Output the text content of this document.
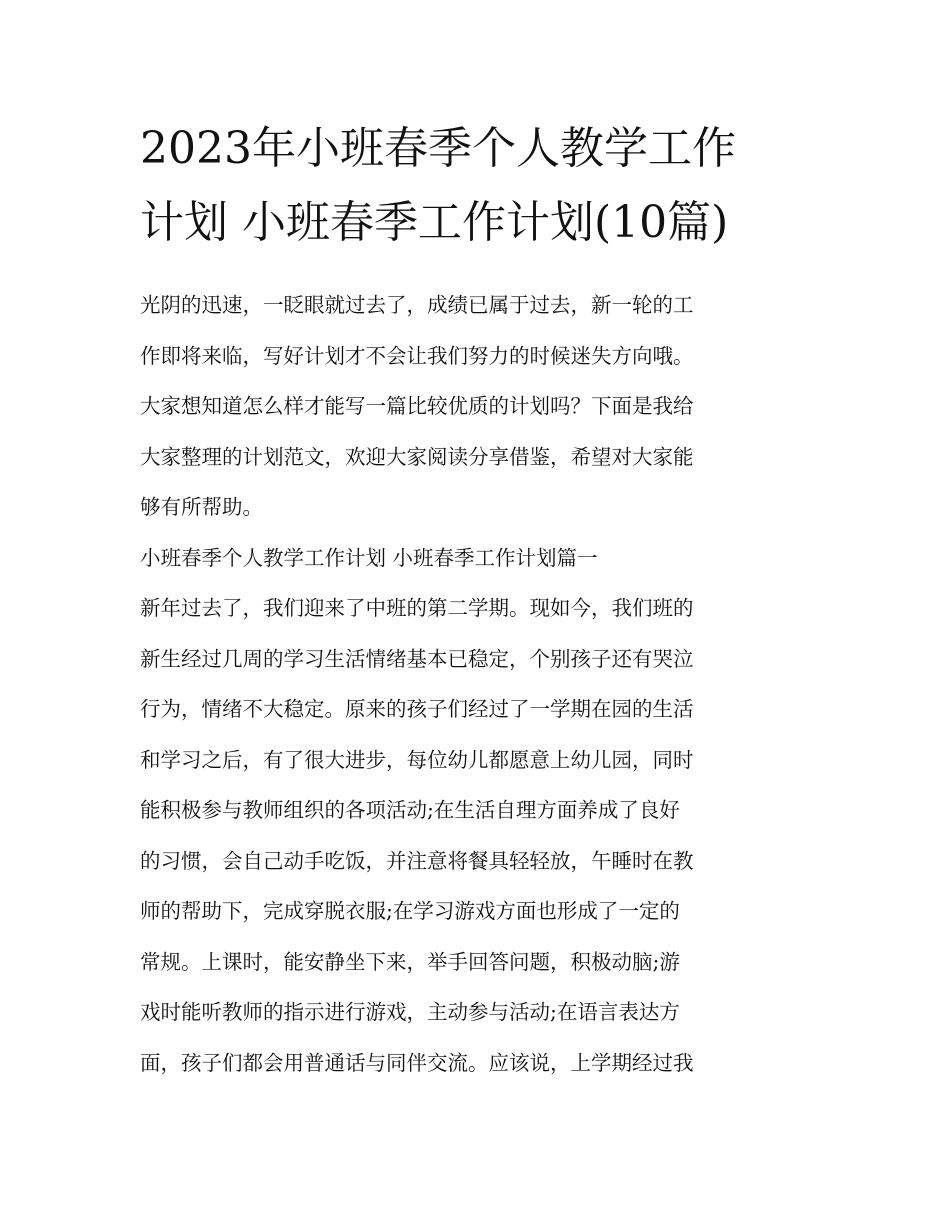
2023年小班春季个人教学工作
计划 小班春季工作计划(10篇)
光阴的迅速，一眨眼就过去了，成绩已属于过去，新一轮的工
作即将来临，写好计划才不会让我们努力的时候迷失方向哦。
大家想知道怎么样才能写一篇比较优质的计划吗？下面是我给
大家整理的计划范文，欢迎大家阅读分享借鉴，希望对大家能
够有所帮助。
小班春季个人教学工作计划 小班春季工作计划篇一
新年过去了，我们迎来了中班的第二学期。现如今，我们班的
新生经过几周的学习生活情绪基本已稳定，个别孩子还有哭泣
行为，情绪不大稳定。原来的孩子们经过了一学期在园的生活
和学习之后，有了很大进步，每位幼儿都愿意上幼儿园，同时
能积极参与教师组织的各项活动;在生活自理方面养成了良好
的习惯，会自己动手吃饭，并注意将餐具轻轻放，午睡时在教
师的帮助下，完成穿脱衣服;在学习游戏方面也形成了一定的
常规。上课时，能安静坐下来，举手回答问题，积极动脑;游
戏时能听教师的指示进行游戏，主动参与活动;在语言表达方
面，孩子们都会用普通话与同伴交流。应该说，上学期经过我
